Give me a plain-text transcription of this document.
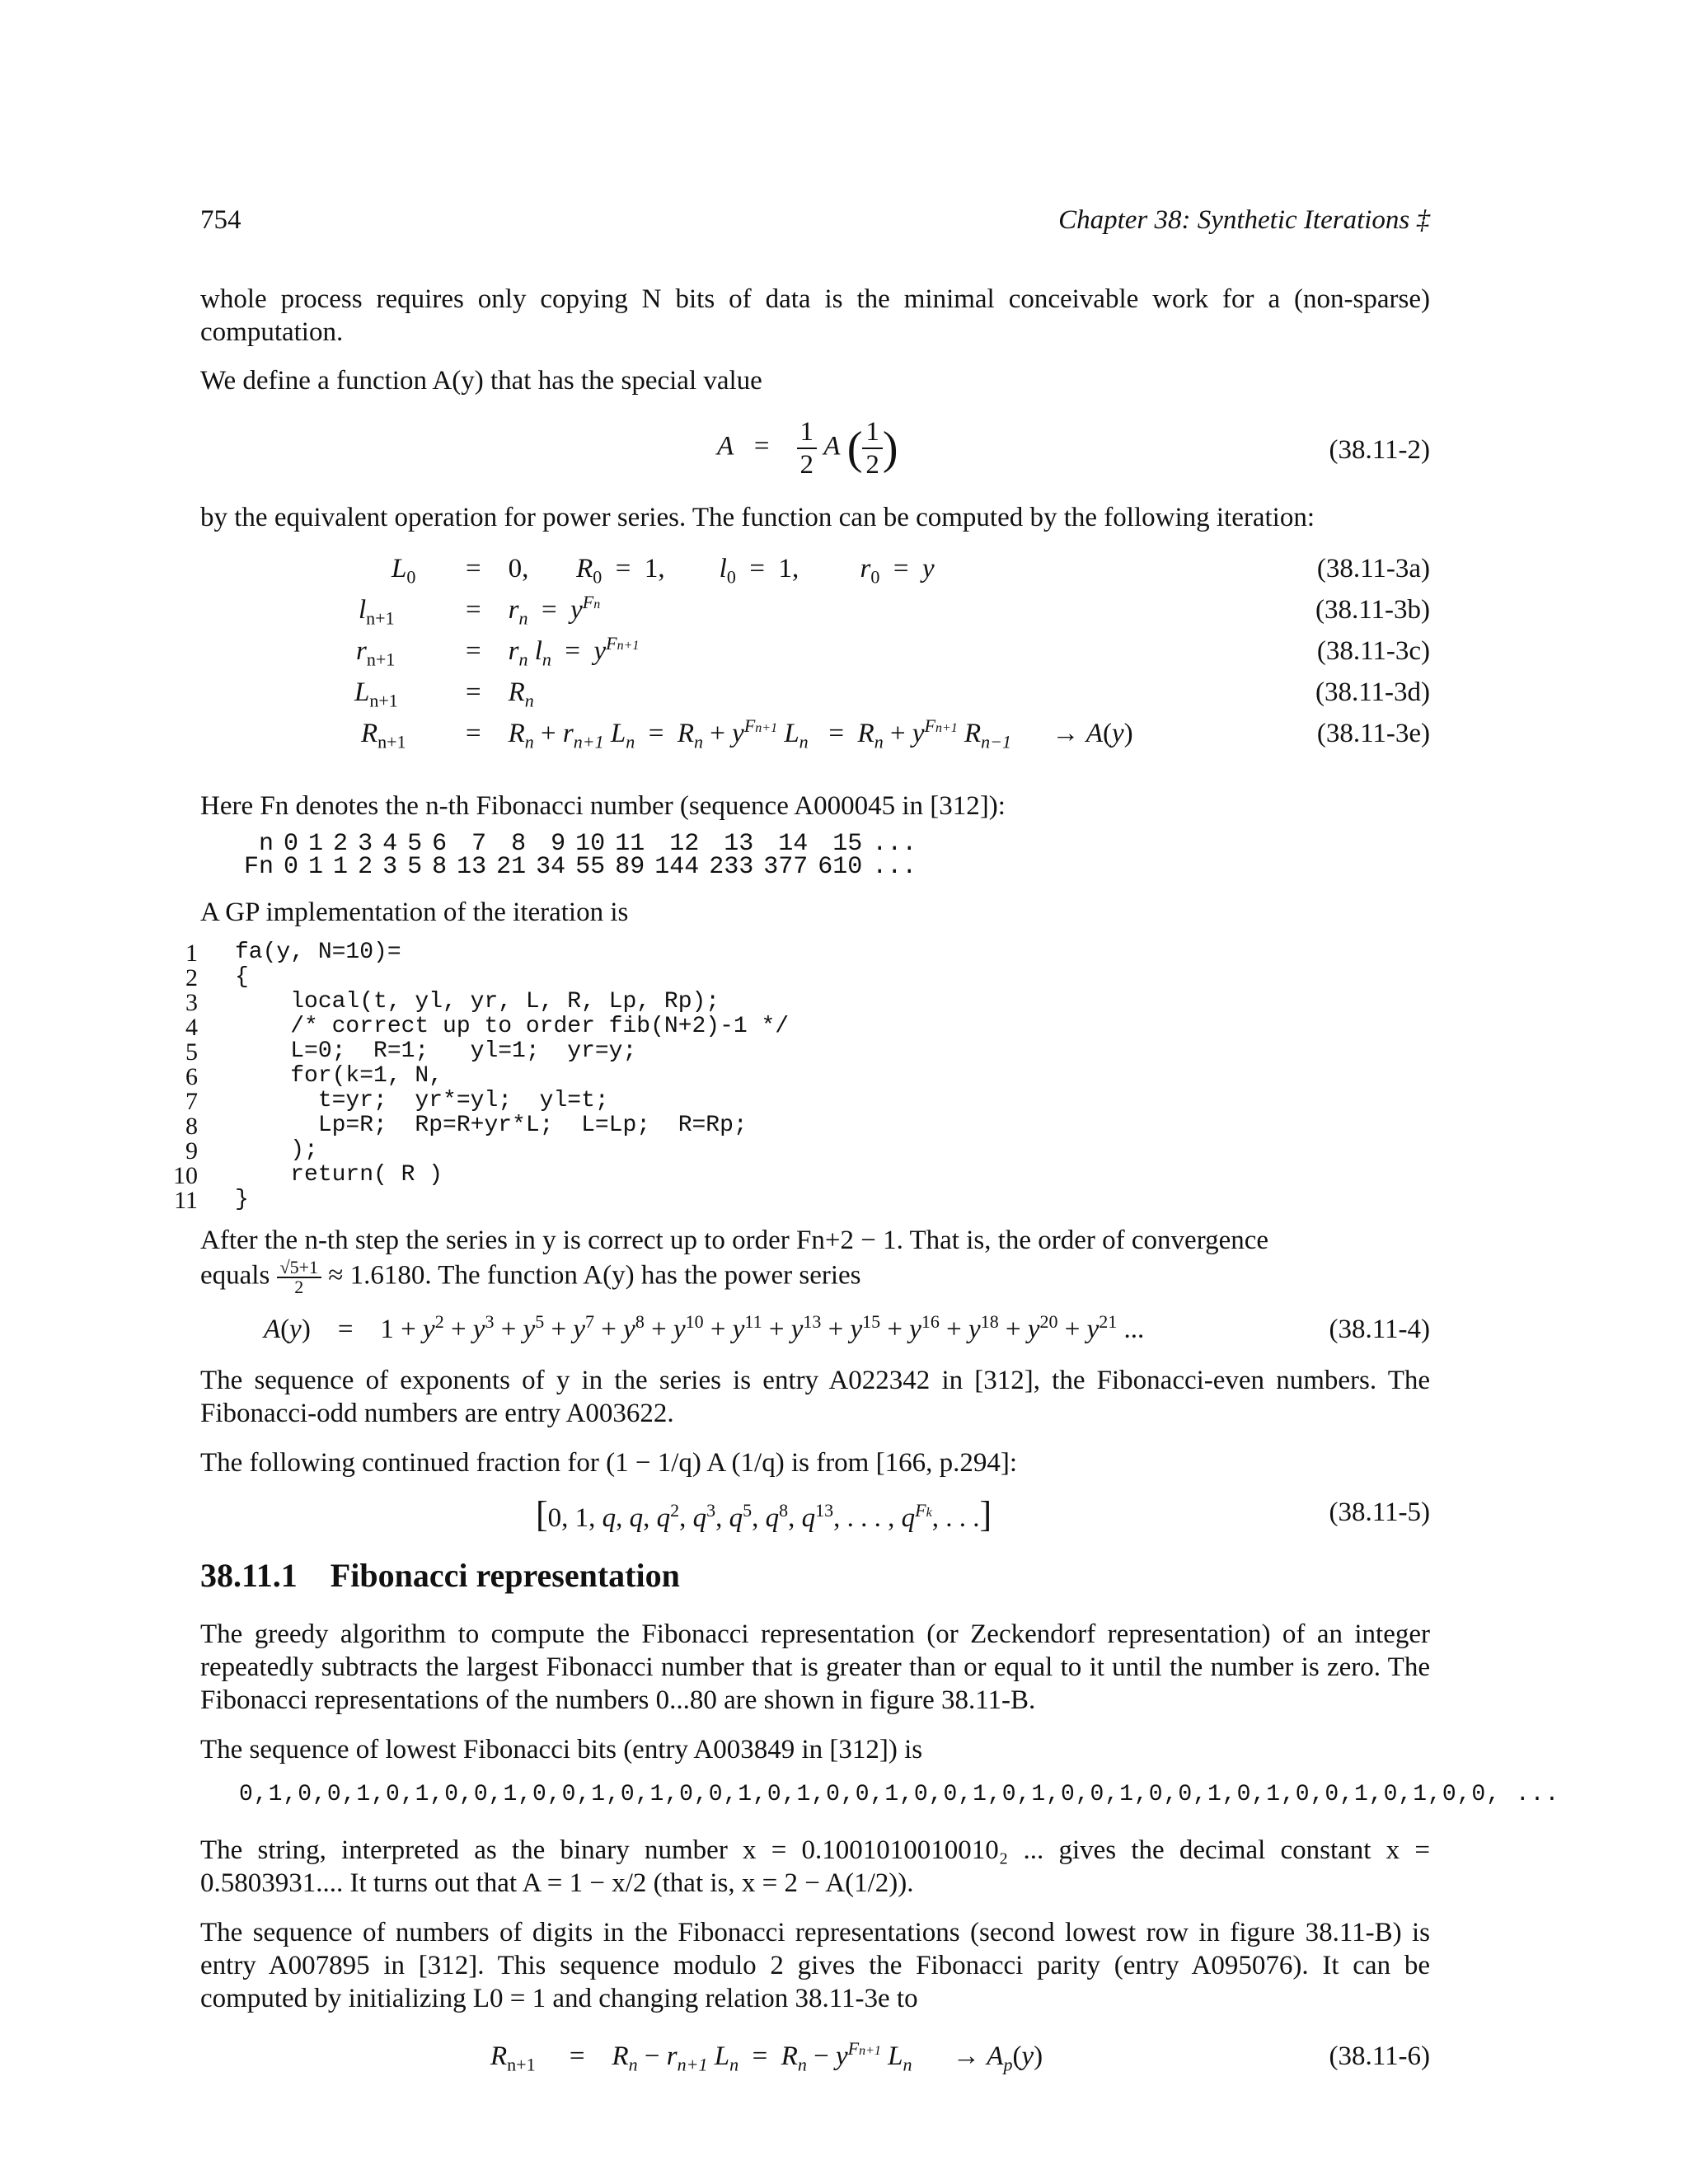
754	Chapter 38: Synthetic Iterations ‡
whole process requires only copying N bits of data is the minimal conceivable work for a (non-sparse) computation.
We define a function A(y) that has the special value
$A = \frac{1}{2}$ A ( $\frac{1}{2}$ )	(38.11-2)
by the equivalent operation for power series. The function can be computed by the following iteration:
$L_0$ =    0,       $R_0 = 1$,        $l_0 = 1$,         $r_0 = y$	(38.11-3a)
$l_{n+1}$	=    $r_n = y^{Fn}$	(38.11-3b)
$r_{n+1}$	=    $r_n$ $l_n = y^{Fn+1}$	(38.11-3c)
$L_{n+1}$ =    $R_n$	(38.11-3d)
$R_{n+1}$ =    $R_n + r_{n+1}$ $L_n = R_n + y^{Fn+1}$ $L_n = R_n + y^{Fn+1}$ $R_{n-1}$      → A(y)	(38.11-3e)
Here Fn denotes the n-th Fibonacci number (sequence A000045 in [312]):
n	0	1	2	3	4	5	6	7	8	9	10	11	12	13	14	15	...
Fn	0	1	1	2	3	5	8	13	21	34	55	89	144	233	377	610	...
A GP implementation of the iteration is
1
2
3
4
5
6
7
8
9
10
11
fa(y, N=10)=
{
local(t, yl, yr, L, R, Lp, Rp);
/* correct up to order fib(N+2)-1 */
L=0;  R=1;   yl=1;  yr=y;
for(k=1, N,
t=yr;  yr*=yl;  yl=t;
Lp=R;  Rp=R+yr*L;  L=Lp;  R=Rp;
);
return( R )
}
After the n-th step the series in y is correct up to order Fn+2 − 1. That is, the order of convergence
equals $\frac{√5+1}{2} \approx 1.6180$. The function A(y) has the power series
A(y)    =    $1 + y^2 + y^3 + y^5 + y^7 + y^8 + y^{10} + y^{11} + y^{13} + y^{15} + y^{16} + y^{18} + y^{20} + y^{21}$ ...	(38.11-4)
The sequence of exponents of y in the series is entry A022342 in [312], the Fibonacci-even numbers. The Fibonacci-odd numbers are entry A003622.
The following continued fraction for (1 − 1/q) A (1/q) is from [166, p.294]:
[0, 1, q, q, $q^2$, $q^3$, $q^5$, $q^8$, $q^{13}$, . . . , $q^{Fk}$, . . .]	(38.11-5)
38.11.1 Fibonacci representation
The greedy algorithm to compute the Fibonacci representation (or Zeckendorf representation) of an integer repeatedly subtracts the largest Fibonacci number that is greater than or equal to it until the number is zero. The Fibonacci representations of the numbers 0...80 are shown in figure 38.11-B.
The sequence of lowest Fibonacci bits (entry A003849 in [312]) is
0,1,0,0,1,0,1,0,0,1,0,0,1,0,1,0,0,1,0,1,0,0,1,0,0,1,0,1,0,0,1,0,0,1,0,1,0,0,1,0,1,0,0, ...
The string, interpreted as the binary number x = 0.1001010010010₂ ... gives the decimal constant x = 0.5803931.... It turns out that A = 1 − x/2 (that is, x = 2 − A(1/2)).
The sequence of numbers of digits in the Fibonacci representations (second lowest row in figure 38.11-B) is entry A007895 in [312]. This sequence modulo 2 gives the Fibonacci parity (entry A095076). It can be computed by initializing L0 = 1 and changing relation 38.11-3e to
$R_{n+1}$     =    $R_n - r_{n+1}$ $L_n = R_n - y^{Fn+1}$ $L_n$      → $A_p(y)$	(38.11-6)
